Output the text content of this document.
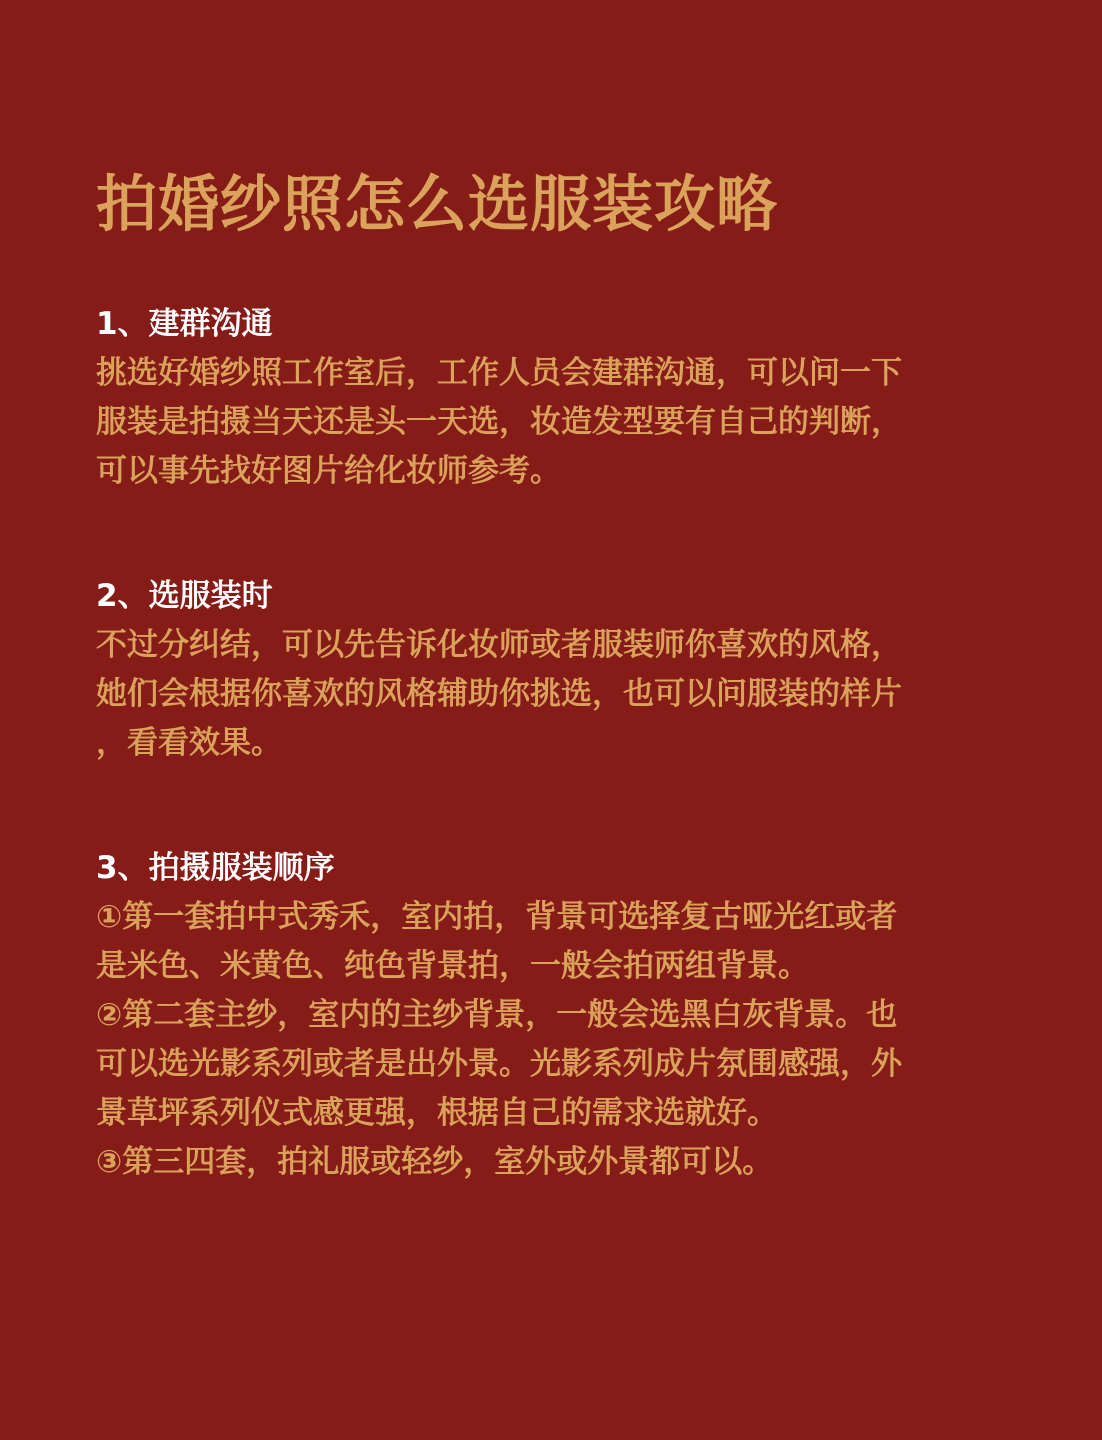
拍婚纱照怎么选服装攻略
1、建群沟通

挑选好婚纱照工作室后，工作人员会建群沟通，可以问一下

服装是拍摄当天还是头一天选，妆造发型要有自己的判断，

可以事先找好图片给化妆师参考。

2、选服装时

不过分纠结，可以先告诉化妆师或者服装师你喜欢的风格，

她们会根据你喜欢的风格辅助你挑选，也可以问服装的样片

，看看效果。

3、拍摄服装顺序

①第一套拍中式秀禾，室内拍，背景可选择复古哑光红或者

是米色、米黄色、纯色背景拍，一般会拍两组背景。

②第二套主纱，室内的主纱背景，一般会选黑白灰背景。也

可以选光影系列或者是出外景。光影系列成片氛围感强，外

景草坪系列仪式感更强，根据自己的需求选就好。

③第三四套，拍礼服或轻纱，室外或外景都可以。
